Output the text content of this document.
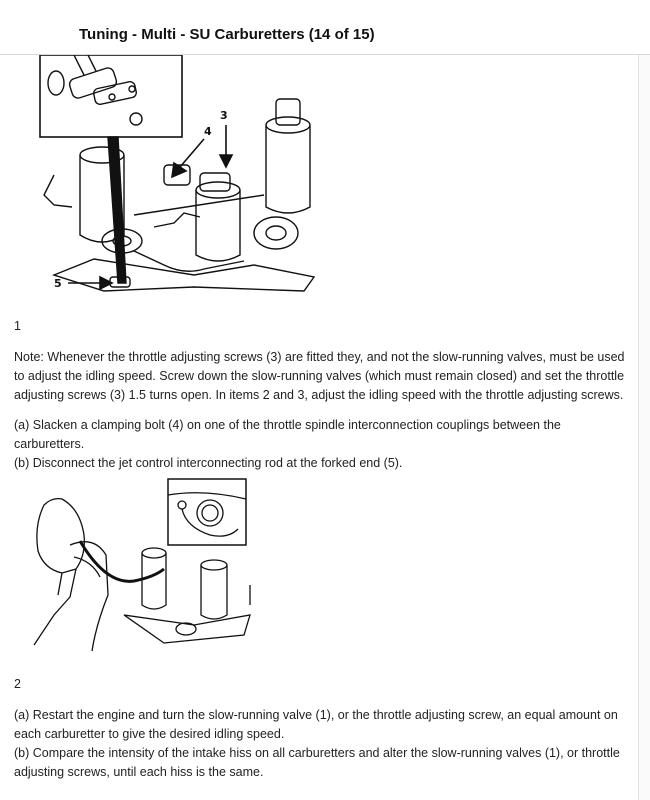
Tuning - Multi - SU Carburetters (14 of 15)
3
4
5
1

Note: Whenever the throttle adjusting screws (3) are fitted they, and not the slow-running valves, must be used to adjust the idling speed. Screw down the slow-running valves (which must remain closed) and set the throttle adjusting screws (3) 1.5 turns open. In items 2 and 3, adjust the idling speed with the throttle adjusting screws.

(a) Slacken a clamping bolt (4) on one of the throttle spindle interconnection couplings between the carburetters.

(b) Disconnect the jet control interconnecting rod at the forked end (5).

2

(a) Restart the engine and turn the slow-running valve (1), or the throttle adjusting screw, an equal amount on each carburetter to give the desired idling speed.

(b) Compare the intensity of the intake hiss on all carburetters and alter the slow-running valves (1), or throttle adjusting screws, until each hiss is the same.
